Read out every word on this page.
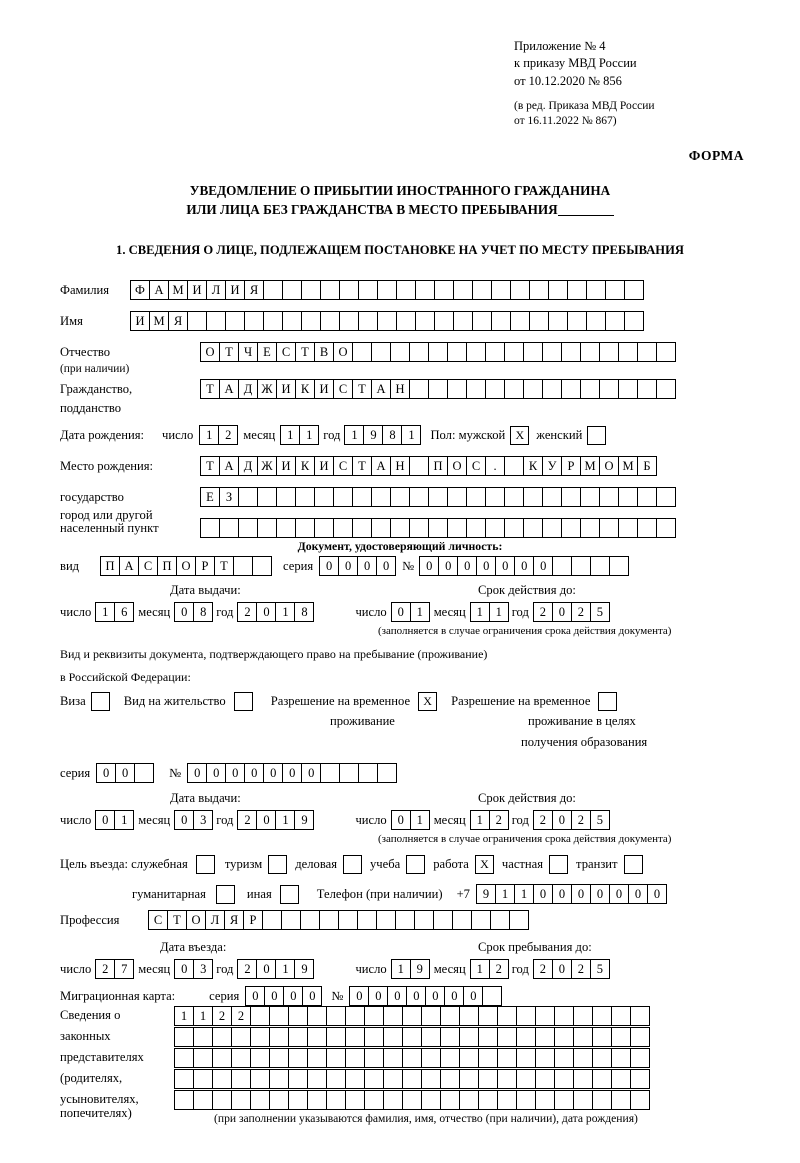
Приложение № 4
к приказу МВД России
от 10.12.2020 № 856
(в ред. Приказа МВД России
от 16.11.2022 № 867)
ФОРМА
УВЕДОМЛЕНИЕ О ПРИБЫТИИ ИНОСТРАННОГО ГРАЖДАНИНА
ИЛИ ЛИЦА БЕЗ ГРАЖДАНСТВА В МЕСТО ПРЕБЫВАНИЯ
1. СВЕДЕНИЯ О ЛИЦЕ, ПОДЛЕЖАЩЕМ ПОСТАНОВКЕ НА УЧЕТ ПО МЕСТУ ПРЕБЫВАНИЯ
Фамилия	Ф А М И Л И Я
Имя	И М Я
Отчество	О Т Ч Е С Т В О
(при наличии)
Гражданство,	Т А Д Ж И К И С Т А Н
подданство
Дата рождения: число	1	2 месяц 1	1 год 1	9	8	1	Пол: мужской X женский
Место рождения:	Т А Д Ж И К И С Т А Н	П О С	.	К У Р М О М Б
государство	Е З
город или другой
населенный пункт
Документ, удостоверяющий личность:
вид	П А С П О Р Т	серия	0	0	0	0	№ 0	0	0	0	0	0	0
Дата выдачи:	Срок действия до:
число 1	6 месяц 0	8 год 2	0	1	8	число 0	1 месяц 1	1 год 2	0	2	5
(заполняется в случае ограничения срока действия документа)
Вид и реквизиты документа, подтверждающего право на пребывание (проживание)
в Российской Федерации:
Виза	Вид на жительство	Разрешение на временное	X	Разрешение на временное
проживание	проживание в целях
получения образования
серия	0	0	№	0	0	0	0	0	0	0
Дата выдачи:	Срок действия до:
число 0	1 месяц 0	3 год 2	0	1	9	число 0	1 месяц 1	2 год 2	0	2	5
(заполняется в случае ограничения срока действия документа)
Цель въезда: служебная	туризм	деловая	учеба	работа X	частная	транзит
гуманитарная	иная	Телефон (при наличии) +7	9	1	1	0	0	0	0	0	0	0
Профессия	С Т О Л Я Р
Дата въезда:	Срок пребывания до:
число 2	7 месяц 0	3 год 2	0	1	9	число 1	9 месяц 1	2 год 2	0	2	5
Миграционная карта:	серия	0	0	0	0	№	0	0	0	0	0	0	0
Сведения о
законных
представителях
(родителях,
усыновителях,
попечителях)
1	1	2	2
(при заполнении указываются фамилия, имя, отчество (при наличии), дата рождения)
